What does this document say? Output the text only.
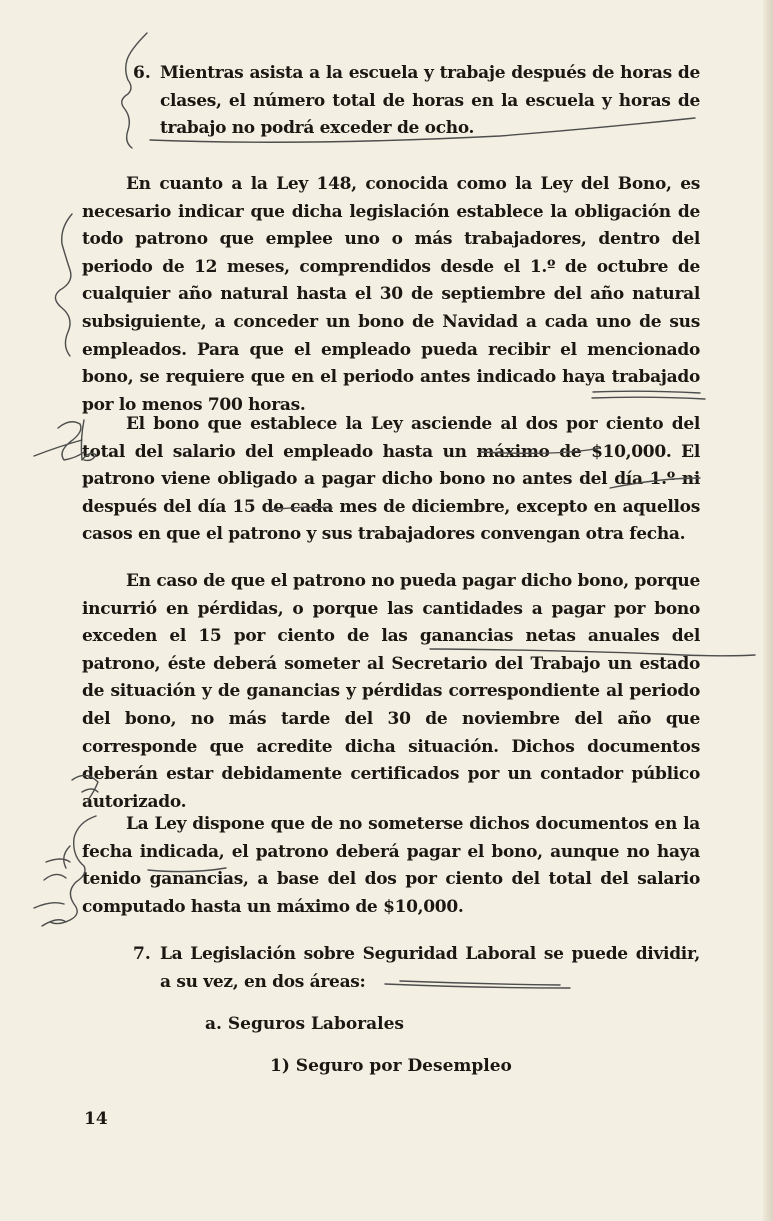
6. Mientras asista a la escuela y trabaje después de horas de clases, el número total de horas en la escuela y horas de trabajo no podrá exceder de ocho.

En cuanto a la Ley 148, conocida como la Ley del Bono, es necesario indicar que dicha legislación establece la obligación de todo patrono que emplee uno o más trabajadores, dentro del periodo de 12 meses, comprendidos desde el 1.º de octubre de cualquier año natural hasta el 30 de septiembre del año natural subsiguiente, a conceder un bono de Navidad a cada uno de sus empleados. Para que el empleado pueda recibir el mencionado bono, se requiere que en el periodo antes indicado haya trabajado por lo menos 700 horas.

El bono que establece la Ley asciende al dos por ciento del total del salario del empleado hasta un máximo de $10,000. El patrono viene obligado a pagar dicho bono no antes del día 1.º ni después del día 15 de cada mes de diciembre, excepto en aquellos casos en que el patrono y sus trabajadores convengan otra fecha.

En caso de que el patrono no pueda pagar dicho bono, porque incurrió en pérdidas, o porque las cantidades a pagar por bono exceden el 15 por ciento de las ganancias netas anuales del patrono, éste deberá someter al Secretario del Trabajo un estado de situación y de ganancias y pérdidas correspondiente al periodo del bono, no más tarde del 30 de noviembre del año que corresponde que acredite dicha situación. Dichos documentos deberán estar debidamente certificados por un contador público autorizado.

La Ley dispone que de no someterse dichos documentos en la fecha indicada, el patrono deberá pagar el bono, aunque no haya tenido ganancias, a base del dos por ciento del total del salario computado hasta un máximo de $10,000.

7. La Legislación sobre Seguridad Laboral se puede dividir, a su vez, en dos áreas:

a. Seguros Laborales

1) Seguro por Desempleo

14
